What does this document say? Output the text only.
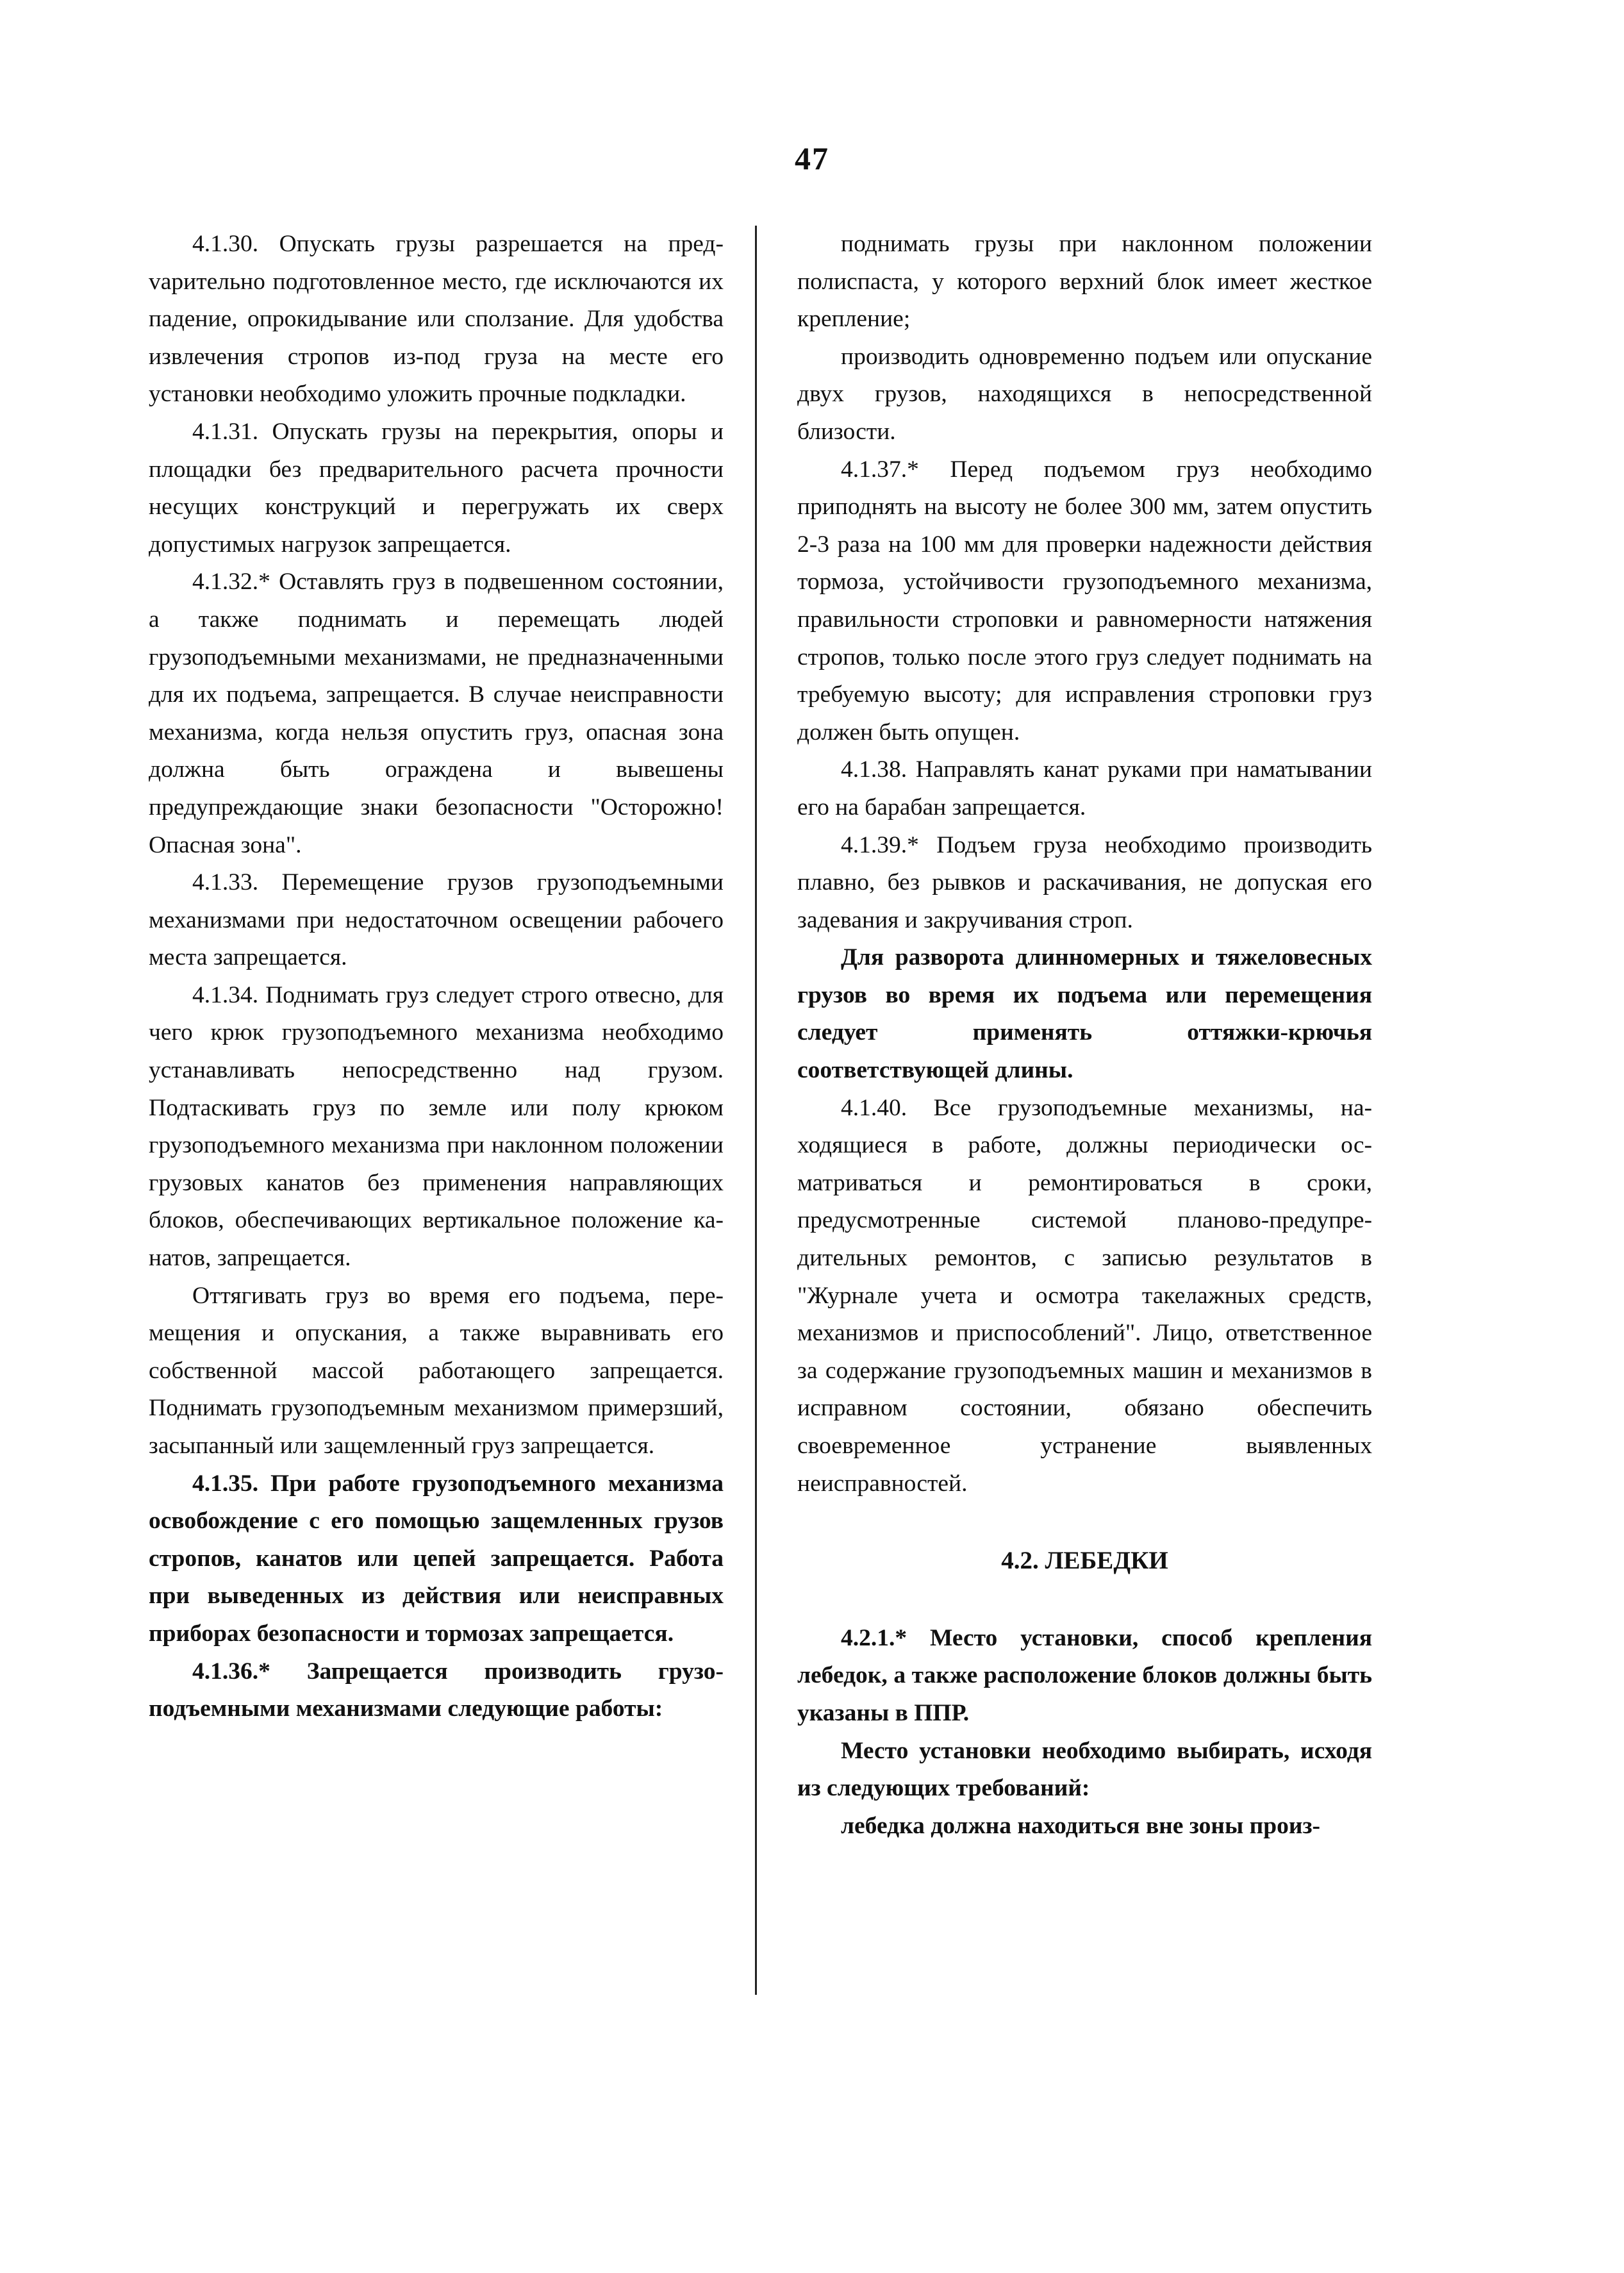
47

4.1.30. Опускать грузы разрешается на предvарительно подготовленное место, где исключаются их падение, опрокидывание или сползание. Для удобства извлечения стропов из-под груза на месте его установки необходимо уложить прочные подкладки.

4.1.31. Опускать грузы на перекрытия, опоры и площадки без предварительного расчета прочности несущих конструкций и перегружать их сверх допустимых нагрузок запрещается.

4.1.32.* Оставлять груз в подвешенном состоянии, а также поднимать и перемещать людей грузоподъемными механизмами, не предназначенными для их подъема, запрещается. В случае неисправности механизма, когда нельзя опустить груз, опасная зона должна быть ограждена и вывешены предупреждающие знаки безопасности "Осторожно! Опасная зона".

4.1.33. Перемещение грузов грузоподъемными механизмами при недостаточном освещении рабочего места запрещается.

4.1.34. Поднимать груз следует строго отвесно, для чего крюк грузоподъемного механизма необходимо устанавливать непосредственно над грузом. Подтаскивать груз по земле или полу крюком грузоподъемного механизма при наклонном положении грузовых канатов без применения направляющих блоков, обеспечивающих вертикальное положение канатов, запрещается.

Оттягивать груз во время его подъема, перемещения и опускания, а также выравнивать его собственной массой работающего запрещается. Поднимать грузоподъемным механизмом примерзший, засыпанный или защемленный груз запрещается.

4.1.35. При работе грузоподъемного механизма освобождение с его помощью защемленных грузов стропов, канатов или цепей запрещается. Работа при выведенных из действия или неисправных приборах безопасности и тормозах запрещается.

4.1.36.* Запрещается производить грузоподъемными механизмами следующие работы:

поднимать грузы при наклонном положении полиспаста, у которого верхний блок имеет жесткое крепление;

производить одновременно подъем или опускание двух грузов, находящихся в непосредственной близости.

4.1.37.* Перед подъемом груз необходимо приподнять на высоту не более 300 мм, затем опустить 2-3 раза на 100 мм для проверки надежности действия тормоза, устойчивости грузоподъемного механизма, правильности строповки и равномерности натяжения стропов, только после этого груз следует поднимать на требуемую высоту; для исправления строповки груз должен быть опущен.

4.1.38. Направлять канат руками при наматывании его на барабан запрещается.

4.1.39.* Подъем груза необходимо производить плавно, без рывков и раскачивания, не допуская его задевания и закручивания строп.

Для разворота длинномерных и тяжеловесных грузов во время их подъема или перемещения следует применять оттяжки-крючья соответствующей длины.

4.1.40. Все грузоподъемные механизмы, находящиеся в работе, должны периодически осматриваться и ремонтироваться в сроки, предусмотренные системой планово-предупредительных ремонтов, с записью результатов в "Журнале учета и осмотра такелажных средств, механизмов и приспособлений". Лицо, ответственное за содержание грузоподъемных машин и механизмов в исправном состоянии, обязано обеспечить своевременное устранение выявленных неисправностей.

4.2. ЛЕБЕДКИ

4.2.1.* Место установки, способ крепления лебедок, а также расположение блоков должны быть указаны в ППР.

Место установки необходимо выбирать, исходя из следующих требований:

лебедка должна находиться вне зоны произ-
